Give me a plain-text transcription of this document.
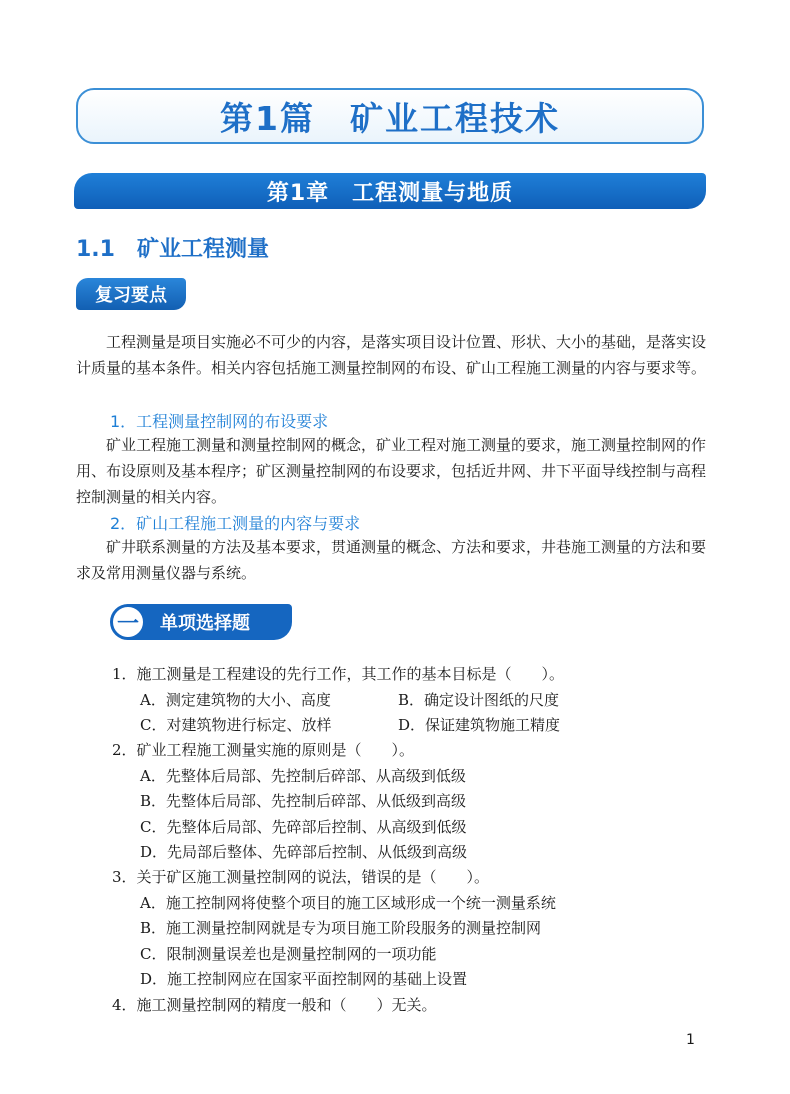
第1篇　矿业工程技术
第1章　工程测量与地质
1.1　矿业工程测量
复习要点

工程测量是项目实施必不可少的内容，是落实项目设计位置、形状、大小的基础，是落实设计质量的基本条件。相关内容包括施工测量控制网的布设、矿山工程施工测量的内容与要求等。

1．工程测量控制网的布设要求

矿业工程施工测量和测量控制网的概念，矿业工程对施工测量的要求，施工测量控制网的作用、布设原则及基本程序；矿区测量控制网的布设要求，包括近井网、井下平面导线控制与高程控制测量的相关内容。

2．矿山工程施工测量的内容与要求

矿井联系测量的方法及基本要求，贯通测量的概念、方法和要求，井巷施工测量的方法和要求及常用测量仪器与系统。

一	单项选择题
1．施工测量是工程建设的先行工作，其工作的基本目标是（　　）。
A．测定建筑物的大小、高度	B．确定设计图纸的尺度
C．对建筑物进行标定、放样	D．保证建筑物施工精度
2．矿业工程施工测量实施的原则是（　　）。
A．先整体后局部、先控制后碎部、从高级到低级
B．先整体后局部、先控制后碎部、从低级到高级
C．先整体后局部、先碎部后控制、从高级到低级
D．先局部后整体、先碎部后控制、从低级到高级
3．关于矿区施工测量控制网的说法，错误的是（　　）。
A．施工控制网将使整个项目的施工区域形成一个统一测量系统
B．施工测量控制网就是专为项目施工阶段服务的测量控制网
C．限制测量误差也是测量控制网的一项功能
D．施工控制网应在国家平面控制网的基础上设置
4．施工测量控制网的精度一般和（　　）无关。
1
